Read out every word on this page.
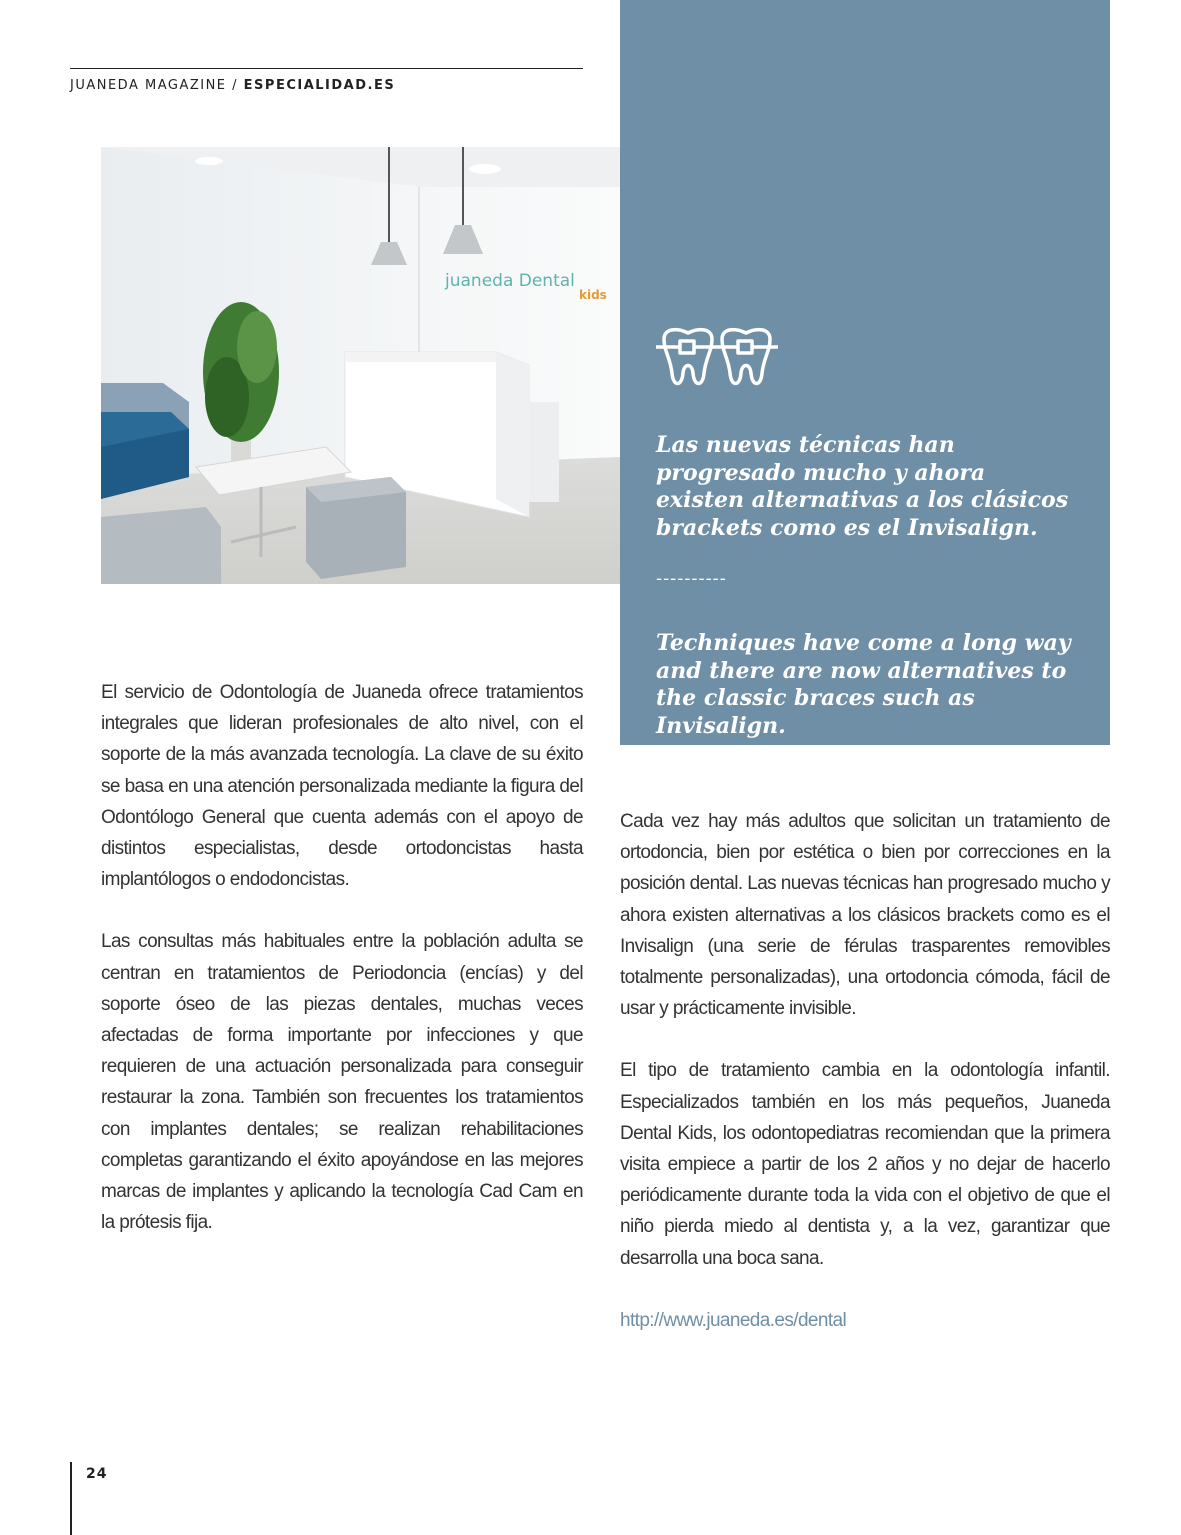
JUANEDA MAGAZINE / ESPECIALIDAD.ES
juaneda Dental
kids

Las nuevas técnicas han progresado mucho y ahora existen alternativas a los clásicos brackets como es el Invisalign.

----------

Techniques have come a long way and there are now alternatives to the classic braces such as Invisalign.

El servicio de Odontología de Juaneda ofrece tratamientos integrales que lideran profesionales de alto nivel, con el soporte de la más avanzada tecnología. La clave de su éxito se basa en una atención personalizada mediante la figura del Odontólogo General que cuenta además con el apoyo de distintos especialistas, desde ortodoncistas hasta implantólogos o endodoncistas.

Las consultas más habituales entre la población adulta se centran en tratamientos de Periodoncia (encías) y del soporte óseo de las piezas dentales, muchas veces afectadas de forma importante por infecciones y que requieren de una actuación personalizada para conseguir restaurar la zona. También son frecuentes los tratamientos con implantes dentales; se realizan rehabilitaciones completas garantizando el éxito apoyándose en las mejores marcas de implantes y aplicando la tecnología Cad Cam en la prótesis fija.

Cada vez hay más adultos que solicitan un tratamiento de ortodoncia, bien por estética o bien por correcciones en la posición dental. Las nuevas técnicas han progresado mucho y ahora existen alternativas a los clásicos brackets como es el Invisalign (una serie de férulas trasparentes removibles totalmente personalizadas), una ortodoncia cómoda, fácil de usar y prácticamente invisible.

El tipo de tratamiento cambia en la odontología infantil. Especializados también en los más pequeños, Juaneda Dental Kids, los odontopediatras recomiendan que la primera visita empiece a partir de los 2 años y no dejar de hacerlo periódicamente durante toda la vida con el objetivo de que el niño pierda miedo al dentista y, a la vez, garantizar que desarrolla una boca sana.

http://www.juaneda.es/dental

24
